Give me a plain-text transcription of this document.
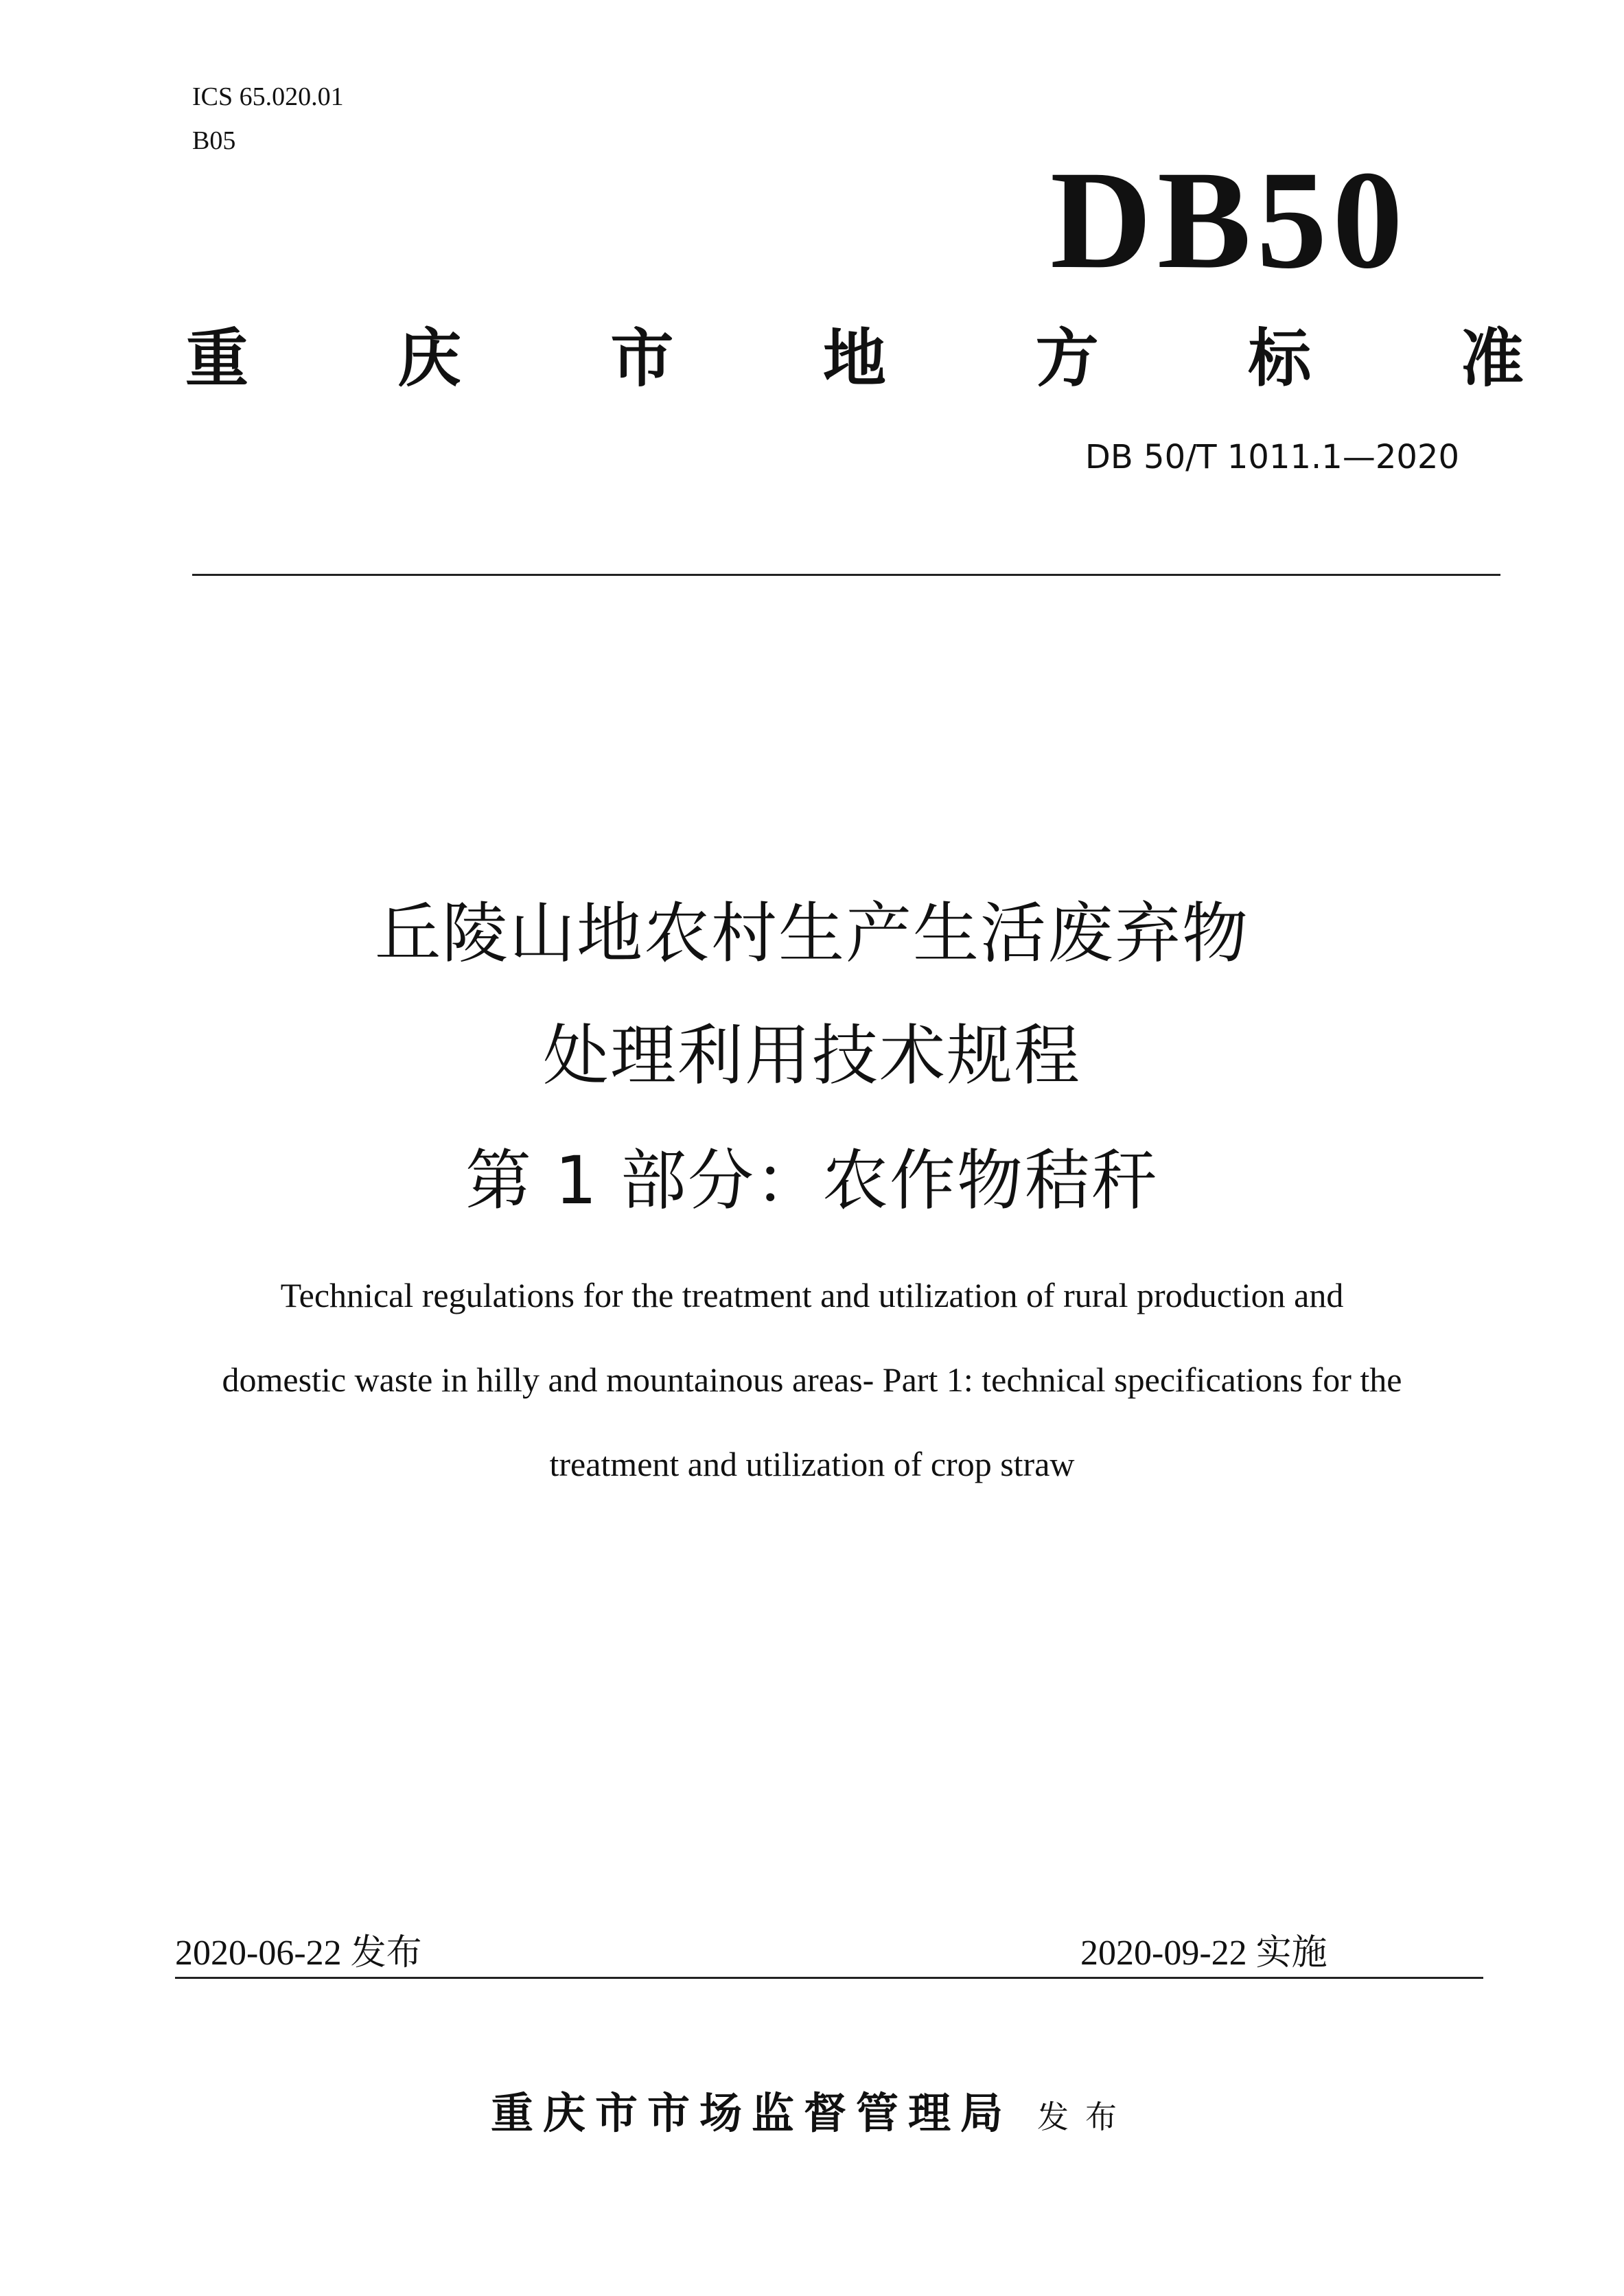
ICS 65.020.01
B05
DB50
重 庆 市 地 方 标 准
DB 50/T 1011.1—2020
丘陵山地农村生产生活废弃物
处理利用技术规程
第 1 部分：农作物秸秆
Technical regulations for the treatment and utilization of rural production and
domestic waste in hilly and mountainous areas- Part 1: technical specifications for the
treatment and utilization of crop straw
2020-06-22 发布	2020-09-22 实施
重庆市市场监督管理局 发布
